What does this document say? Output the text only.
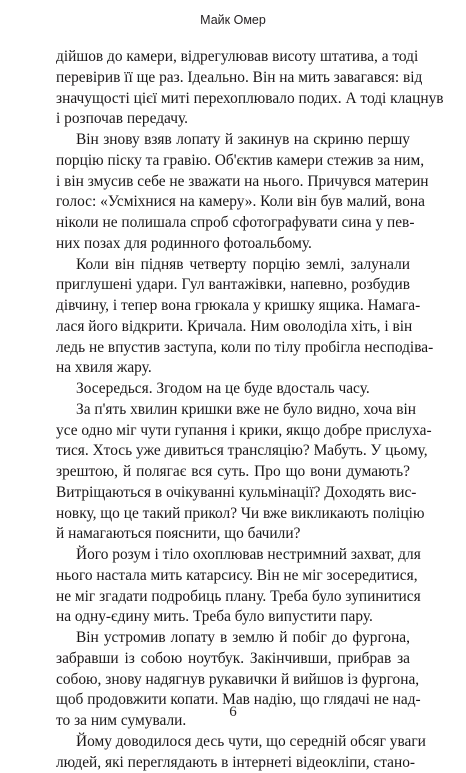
Майк Омер
дійшов до камери, відрегулював висоту штатива, а тоді
перевірив її ще раз. Ідеально. Він на мить завагався: від
значущості цієї миті перехоплювало подих. А тоді клацнув
і розпочав передачу.
Він знову взяв лопату й закинув на скриню першу
порцію піску та гравію. Об'єктив камери стежив за ним,
і він змусив себе не зважати на нього. Причувся материн
голос: «Усміхнися на камеру». Коли він був малий, вона
ніколи не полишала спроб сфотографувати сина у пев-
них позах для родинного фотоальбому.
Коли він підняв четверту порцію землі, залунали
приглушені удари. Гул вантажівки, напевно, розбудив
дівчину, і тепер вона грюкала у кришку ящика. Намага-
лася його відкрити. Кричала. Ним оволоділа хіть, і він
ледь не впустив заступа, коли по тілу пробігла несподіва-
на хвиля жару.
Зосередься. Згодом на це буде вдосталь часу.
За п'ять хвилин кришки вже не було видно, хоча він
усе одно міг чути гупання і крики, якщо добре прислуха-
тися. Хтось уже дивиться трансляцію? Мабуть. У цьому,
зрештою, й полягає вся суть. Про що вони думають?
Витріщаються в очікуванні кульмінації? Доходять вис-
новку, що це такий прикол? Чи вже викликають поліцію
й намагаються пояснити, що бачили?
Його розум і тіло охоплював нестримний захват, для
нього настала мить катарсису. Він не міг зосередитися,
не міг згадати подробиць плану. Треба було зупинитися
на одну-єдину мить. Треба було випустити пару.
Він устромив лопату в землю й побіг до фургона,
забравши із собою ноутбук. Закінчивши, прибрав за
собою, знову надягнув рукавички й вийшов із фургона,
щоб продовжити копати. Мав надію, що глядачі не над-
то за ним сумували.
Йому доводилося десь чути, що середній обсяг уваги
людей, які переглядають в інтернеті відеокліпи, стано-
6
